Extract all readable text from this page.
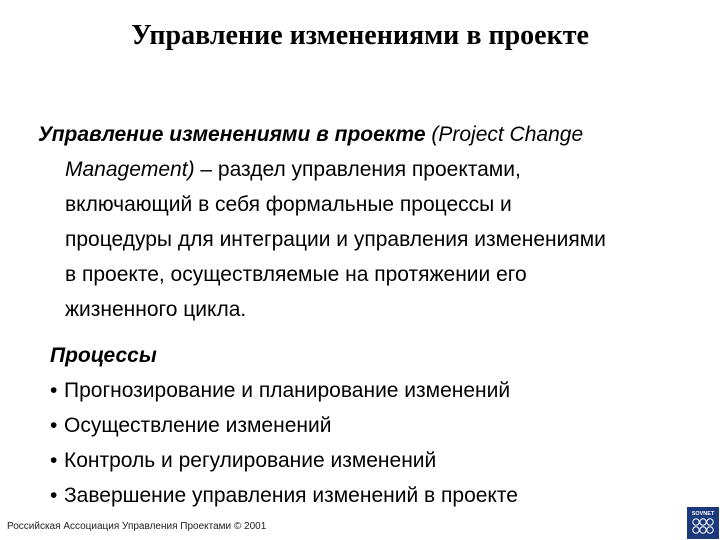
Управление изменениями в проекте
Управление изменениями в проекте (Project Change
Management) – раздел управления проектами,
включающий в себя формальные процессы и
процедуры для интеграции и управления изменениями
в проекте, осуществляемые на протяжении его
жизненного цикла.
Процессы
• Прогнозирование и планирование изменений
• Осуществление изменений
• Контроль и регулирование изменений
• Завершение управления изменений в проекте
Российская Ассоциация Управления Проектами © 2001
SOVNET
